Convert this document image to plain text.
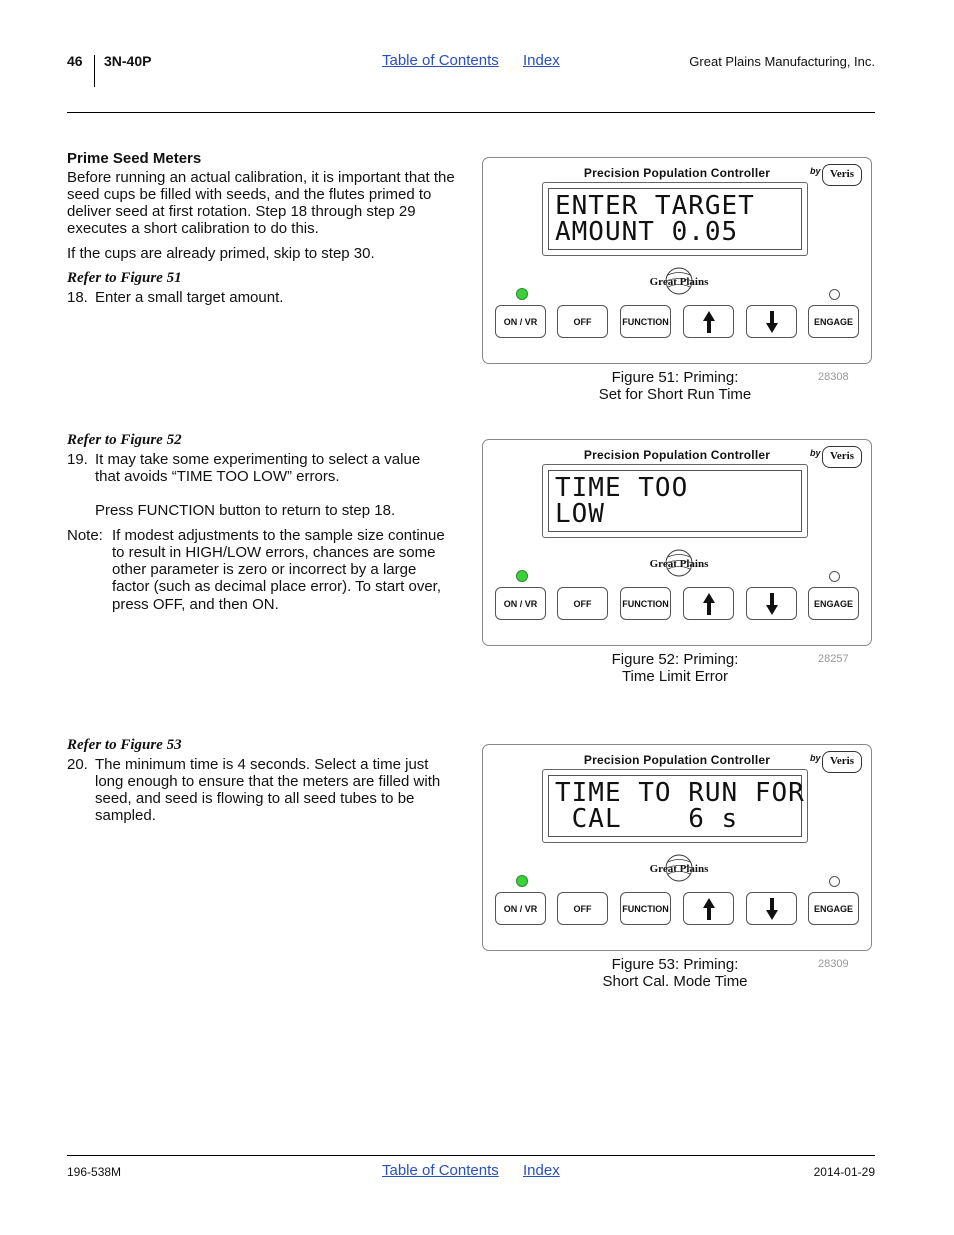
46 3N-40P	Table of Contents Index	Great Plains Manufacturing, Inc.
Prime Seed Meters
Before running an actual calibration, it is important that the seed cups be filled with seeds, and the flutes primed to deliver seed at first rotation. Step 18 through step 29 executes a short calibration to do this.
If the cups are already primed, skip to step 30.
Refer to Figure 51
18. Enter a small target amount.
Refer to Figure 52
19. It may take some experimenting to select a value
that avoids “TIME TOO LOW” errors.
Press FUNCTION button to return to step 18.
Note: If modest adjustments to the sample size continue
to result in HIGH/LOW errors, chances are some
other parameter is zero or incorrect by a large
factor (such as decimal place error). To start over,
press OFF, and then ON.
Refer to Figure 53
20. The minimum time is 4 seconds. Select a time just
long enough to ensure that the meters are filled with
seed, and seed is flowing to all seed tubes to be
sampled.
Precision Population Controller	by Veris
ENTER TARGET
AMOUNT 0.05
Great Plains
ON / VR	OFF	FUNCTION	ENGAGE
Figure 51: Priming:
Set for Short Run Time
28308
Precision Population Controller	by Veris
TIME TOO
LOW
Great Plains
ON / VR	OFF	FUNCTION	ENGAGE
Figure 52: Priming:
Time Limit Error
28257
Precision Population Controller	by Veris
TIME TO RUN FOR
CAL    6 s
Great Plains
ON / VR	OFF	FUNCTION	ENGAGE
Figure 53: Priming:
Short Cal. Mode Time
28309
196-538M	Table of Contents Index	2014-01-29
